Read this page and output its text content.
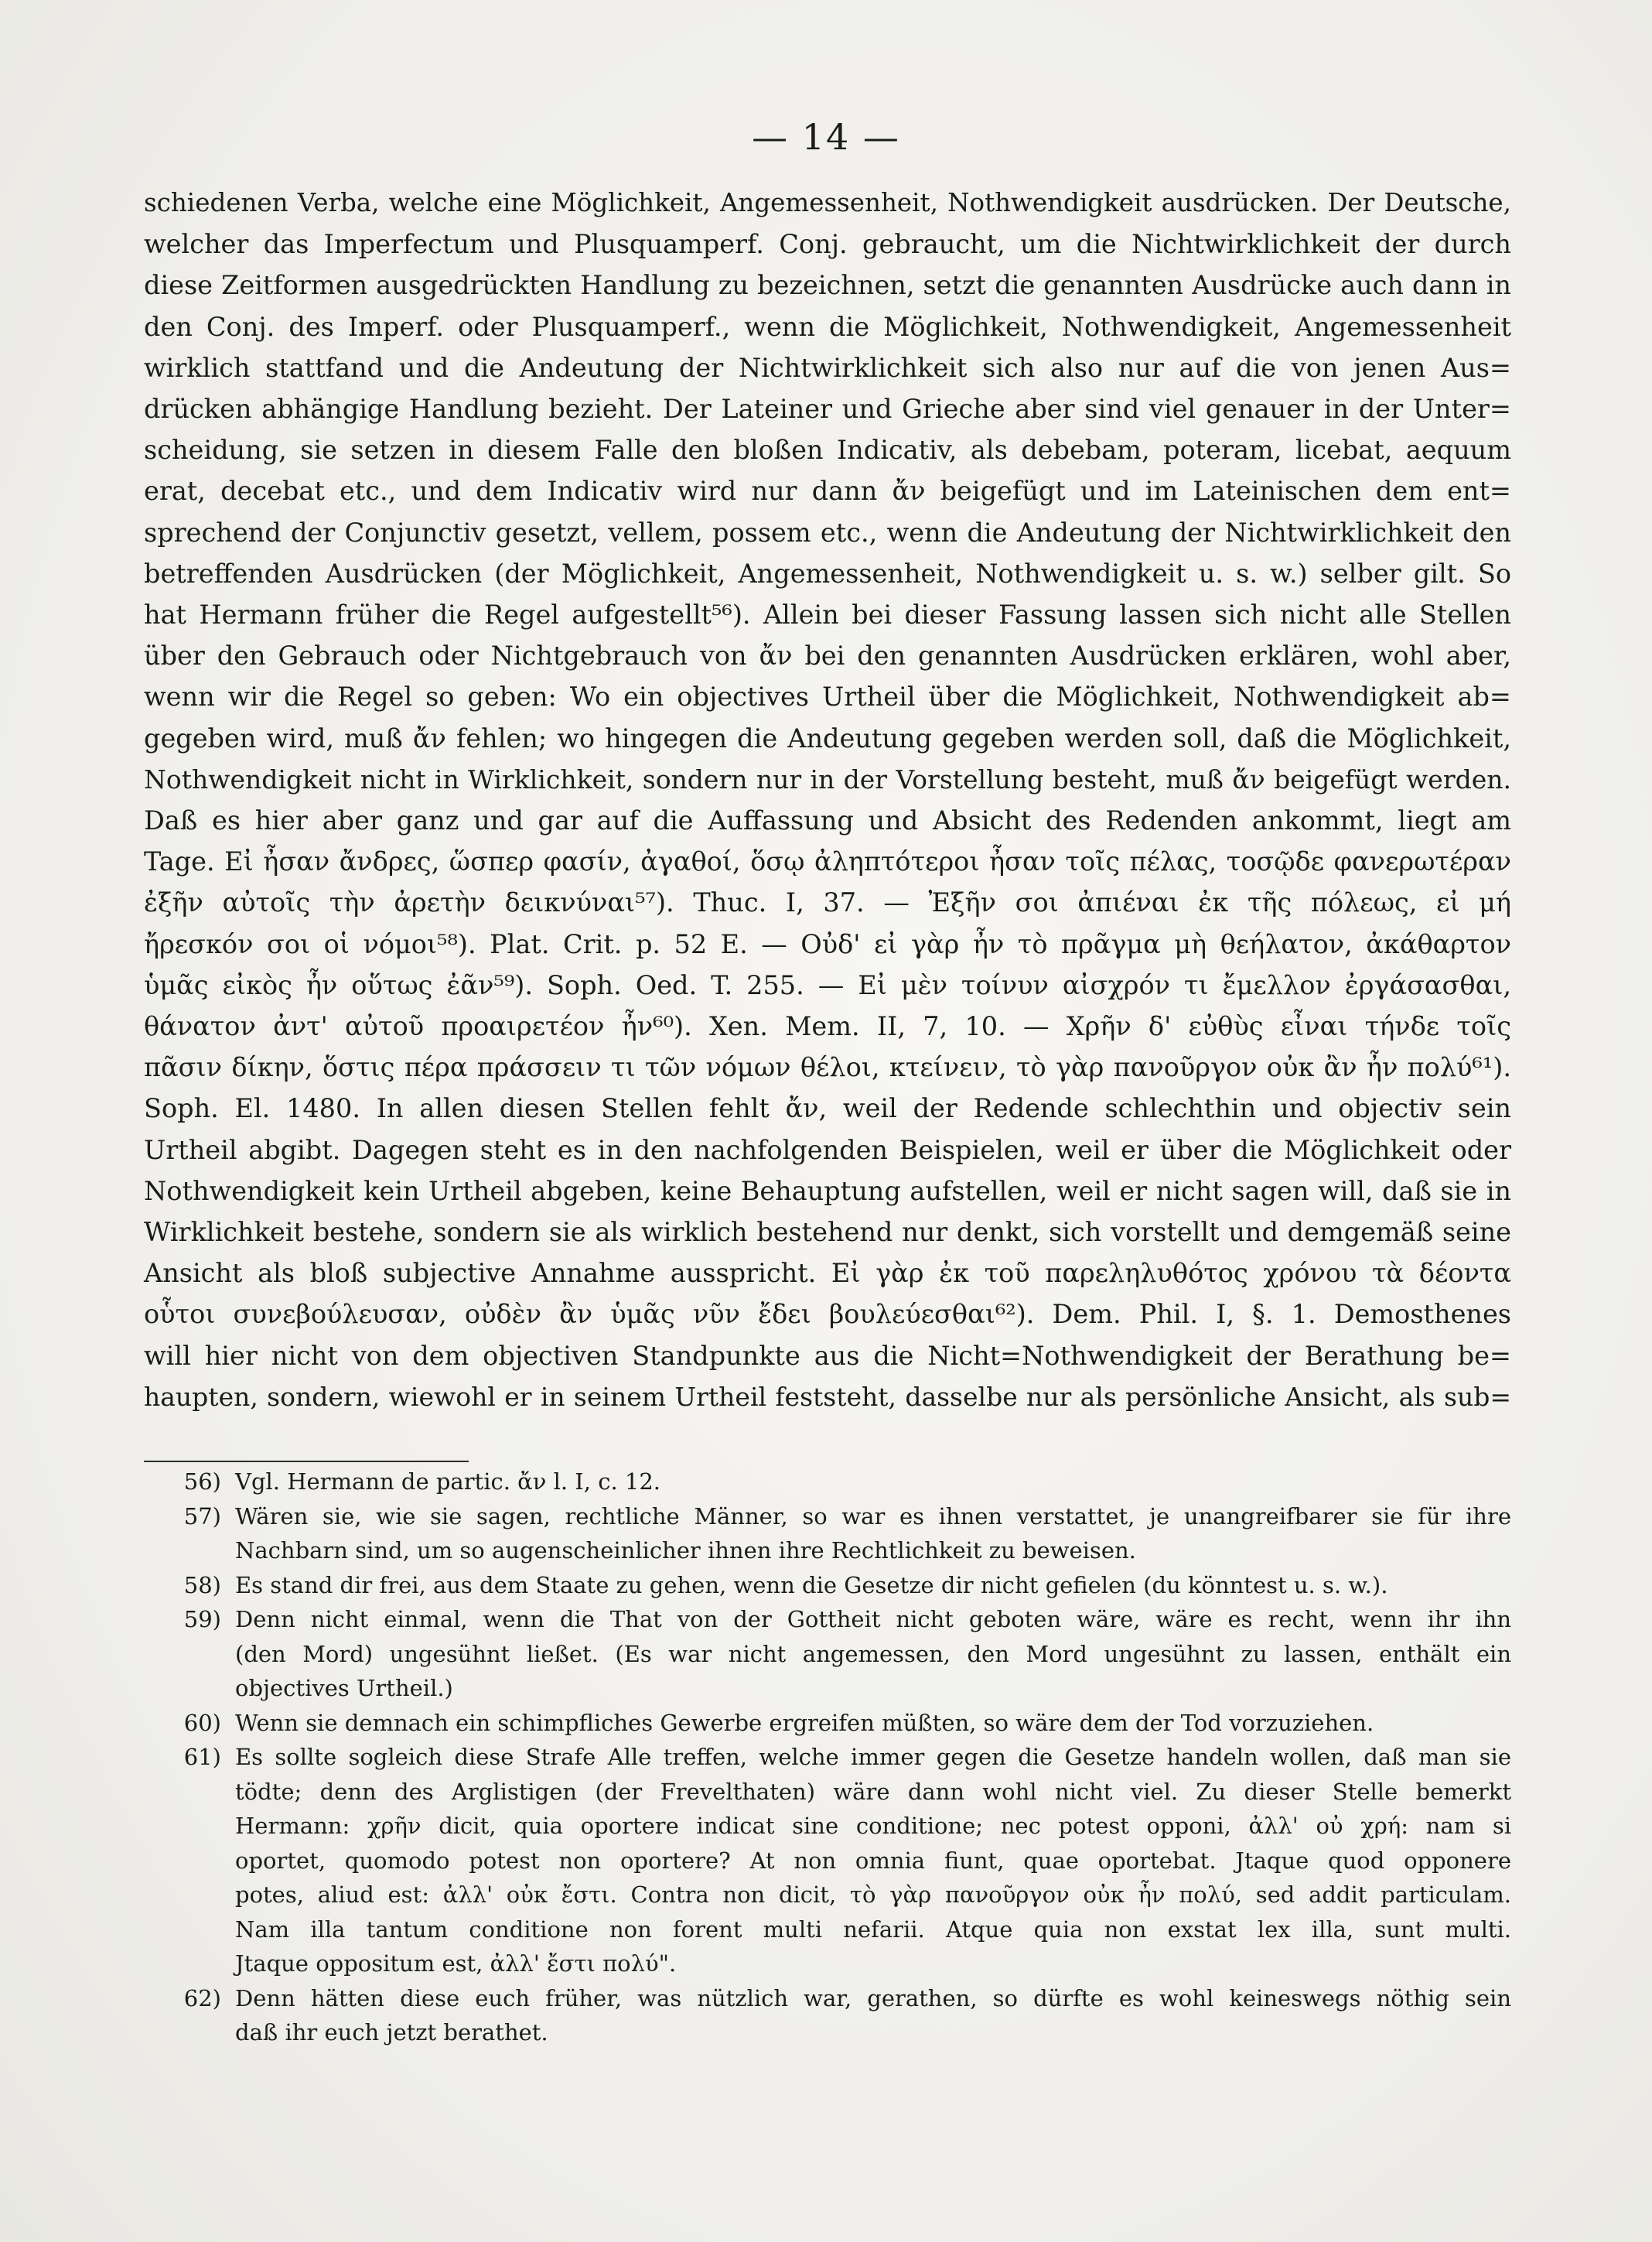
— 14 —
schiedenen Verba, welche eine Möglichkeit, Angemessenheit, Nothwendigkeit ausdrücken. Der Deutsche,
welcher das Imperfectum und Plusquamperf. Conj. gebraucht, um die Nichtwirklichkeit der durch
diese Zeitformen ausgedrückten Handlung zu bezeichnen, setzt die genannten Ausdrücke auch dann in
den Conj. des Imperf. oder Plusquamperf., wenn die Möglichkeit, Nothwendigkeit, Angemessenheit
wirklich stattfand und die Andeutung der Nichtwirklichkeit sich also nur auf die von jenen Aus=
drücken abhängige Handlung bezieht. Der Lateiner und Grieche aber sind viel genauer in der Unter=
scheidung, sie setzen in diesem Falle den bloßen Indicativ, als debebam, poteram, licebat, aequum
erat, decebat etc., und dem Indicativ wird nur dann ἄν beigefügt und im Lateinischen dem ent=
sprechend der Conjunctiv gesetzt, vellem, possem etc., wenn die Andeutung der Nichtwirklichkeit den
betreffenden Ausdrücken (der Möglichkeit, Angemessenheit, Nothwendigkeit u. s. w.) selber gilt. So
hat Hermann früher die Regel aufgestellt⁵⁶). Allein bei dieser Fassung lassen sich nicht alle Stellen
über den Gebrauch oder Nichtgebrauch von ἄν bei den genannten Ausdrücken erklären, wohl aber,
wenn wir die Regel so geben: Wo ein objectives Urtheil über die Möglichkeit, Nothwendigkeit ab=
gegeben wird, muß ἄν fehlen; wo hingegen die Andeutung gegeben werden soll, daß die Möglichkeit,
Nothwendigkeit nicht in Wirklichkeit, sondern nur in der Vorstellung besteht, muß ἄν beigefügt werden.
Daß es hier aber ganz und gar auf die Auffassung und Absicht des Redenden ankommt, liegt am
Tage. Εἰ ἦσαν ἄνδρες, ὥσπερ φασίν, ἀγαθοί, ὅσῳ ἀληπτότεροι ἦσαν τοῖς πέλας, τοσῷδε φανερωτέραν
ἐξῆν αὐτοῖς τὴν ἀρετὴν δεικνύναι⁵⁷). Thuc. I, 37. — Ἐξῆν σοι ἀπιέναι ἐκ τῆς πόλεως, εἰ μή
ἤρεσκόν σοι οἱ νόμοι⁵⁸). Plat. Crit. p. 52 E. — Οὐδ' εἰ γὰρ ἦν τὸ πρᾶγμα μὴ θεήλατον, ἀκάθαρτον
ὑμᾶς εἰκὸς ἦν οὕτως ἐᾶν⁵⁹). Soph. Oed. T. 255. — Εἰ μὲν τοίνυν αἰσχρόν τι ἔμελλον ἐργάσασθαι,
θάνατον ἀντ' αὐτοῦ προαιρετέον ἦν⁶⁰). Xen. Mem. II, 7, 10. — Χρῆν δ' εὐθὺς εἶναι τήνδε τοῖς
πᾶσιν δίκην, ὅστις πέρα πράσσειν τι τῶν νόμων θέλοι, κτείνειν, τὸ γὰρ πανοῦργον οὐκ ἂν ἦν πολύ⁶¹).
Soph. El. 1480. In allen diesen Stellen fehlt ἄν, weil der Redende schlechthin und objectiv sein
Urtheil abgibt. Dagegen steht es in den nachfolgenden Beispielen, weil er über die Möglichkeit oder
Nothwendigkeit kein Urtheil abgeben, keine Behauptung aufstellen, weil er nicht sagen will, daß sie in
Wirklichkeit bestehe, sondern sie als wirklich bestehend nur denkt, sich vorstellt und demgemäß seine
Ansicht als bloß subjective Annahme ausspricht. Εἰ γὰρ ἐκ τοῦ παρεληλυθότος χρόνου τὰ δέοντα
οὗτοι συνεβούλευσαν, οὐδὲν ἂν ὑμᾶς νῦν ἔδει βουλεύεσθαι⁶²). Dem. Phil. I, §. 1. Demosthenes
will hier nicht von dem objectiven Standpunkte aus die Nicht=Nothwendigkeit der Berathung be=
haupten, sondern, wiewohl er in seinem Urtheil feststeht, dasselbe nur als persönliche Ansicht, als sub=
56) Vgl. Hermann de partic. ἄν l. I, c. 12.
57) Wären sie, wie sie sagen, rechtliche Männer, so war es ihnen verstattet, je unangreifbarer sie für ihre
Nachbarn sind, um so augenscheinlicher ihnen ihre Rechtlichkeit zu beweisen.
58) Es stand dir frei, aus dem Staate zu gehen, wenn die Gesetze dir nicht gefielen (du könntest u. s. w.).
59) Denn nicht einmal, wenn die That von der Gottheit nicht geboten wäre, wäre es recht, wenn ihr ihn
(den Mord) ungesühnt ließet. (Es war nicht angemessen, den Mord ungesühnt zu lassen, enthält ein
objectives Urtheil.)
60) Wenn sie demnach ein schimpfliches Gewerbe ergreifen müßten, so wäre dem der Tod vorzuziehen.
61) Es sollte sogleich diese Strafe Alle treffen, welche immer gegen die Gesetze handeln wollen, daß man sie
tödte; denn des Arglistigen (der Frevelthaten) wäre dann wohl nicht viel. Zu dieser Stelle bemerkt
Hermann: χρῆν dicit, quia oportere indicat sine conditione; nec potest opponi, ἀλλ' οὐ χρή: nam si
oportet, quomodo potest non oportere? At non omnia fiunt, quae oportebat. Jtaque quod opponere
potes, aliud est: ἀλλ' οὐκ ἔστι. Contra non dicit, τὸ γὰρ πανοῦργον οὐκ ἦν πολύ, sed addit particulam.
Nam illa tantum conditione non forent multi nefarii. Atque quia non exstat lex illa, sunt multi.
Jtaque oppositum est, ἀλλ' ἔστι πολύ".
62) Denn hätten diese euch früher, was nützlich war, gerathen, so dürfte es wohl keineswegs nöthig sein
daß ihr euch jetzt berathet.
